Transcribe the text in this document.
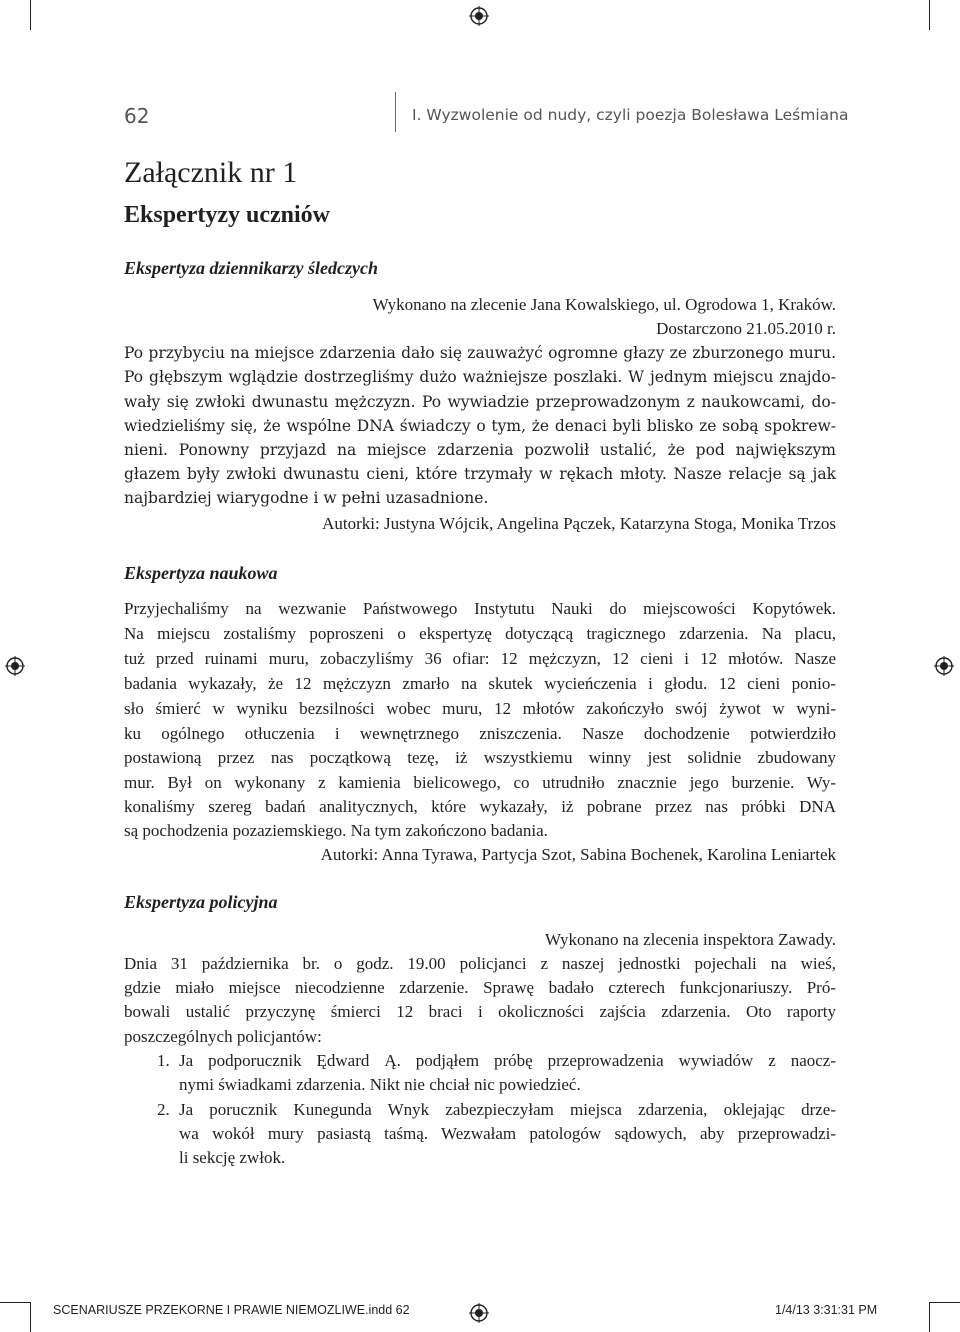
62	I. Wyzwolenie od nudy, czyli poezja Bolesława Leśmiana
Załącznik nr 1
Ekspertyzy uczniów
Ekspertyza dziennikarzy śledczych
Wykonano na zlecenie Jana Kowalskiego, ul. Ogrodowa 1, Kraków.
Dostarczono 21.05.2010 r.
Po przybyciu na miejsce zdarzenia dało się zauważyć ogromne głazy ze zburzonego muru.
Po głębszym wglądzie dostrzegliśmy dużo ważniejsze poszlaki. W jednym miejscu znajdo-
wały się zwłoki dwunastu mężczyzn. Po wywiadzie przeprowadzonym z naukowcami, do-
wiedzieliśmy się, że wspólne DNA świadczy o tym, że denaci byli blisko ze sobą spokrew-
nieni. Ponowny przyjazd na miejsce zdarzenia pozwolił ustalić, że pod największym
głazem były zwłoki dwunastu cieni, które trzymały w rękach młoty. Nasze relacje są jak
najbardziej wiarygodne i w pełni uzasadnione.
Autorki: Justyna Wójcik, Angelina Pączek, Katarzyna Stoga, Monika Trzos
Ekspertyza naukowa
Przyjechaliśmy na wezwanie Państwowego Instytutu Nauki do miejscowości Kopytówek.
Na miejscu zostaliśmy poproszeni o ekspertyzę dotyczącą tragicznego zdarzenia. Na placu,
tuż przed ruinami muru, zobaczyliśmy 36 ofiar: 12 mężczyzn, 12 cieni i 12 młotów. Nasze
badania wykazały, że 12 mężczyzn zmarło na skutek wycieńczenia i głodu. 12 cieni ponio-
sło śmierć w wyniku bezsilności wobec muru, 12 młotów zakończyło swój żywot w wyni-
ku ogólnego otłuczenia i wewnętrznego zniszczenia. Nasze dochodzenie potwierdziło
postawioną przez nas początkową tezę, iż wszystkiemu winny jest solidnie zbudowany
mur. Był on wykonany z kamienia bielicowego, co utrudniło znacznie jego burzenie. Wy-
konaliśmy szereg badań analitycznych, które wykazały, iż pobrane przez nas próbki DNA
są pochodzenia pozaziemskiego. Na tym zakończono badania.
Autorki: Anna Tyrawa, Partycja Szot, Sabina Bochenek, Karolina Leniartek
Ekspertyza policyjna
Wykonano na zlecenia inspektora Zawady.
Dnia 31 października br. o godz. 19.00 policjanci z naszej jednostki pojechali na wieś,
gdzie miało miejsce niecodzienne zdarzenie. Sprawę badało czterech funkcjonariuszy. Pró-
bowali ustalić przyczynę śmierci 12 braci i okoliczności zajścia zdarzenia. Oto raporty
poszczególnych policjantów:
1. Ja podporucznik Ędward Ą. podjąłem próbę przeprowadzenia wywiadów z naocz-
nymi świadkami zdarzenia. Nikt nie chciał nic powiedzieć.
2. Ja porucznik Kunegunda Wnyk zabezpieczyłam miejsca zdarzenia, oklejając drze-
wa wokół mury pasiastą taśmą. Wezwałam patologów sądowych, aby przeprowadzi-
li sekcję zwłok.
SCENARIUSZE PRZEKORNE I PRAWIE NIEMOZLIWE.indd 62	1/4/13 3:31:31 PM
